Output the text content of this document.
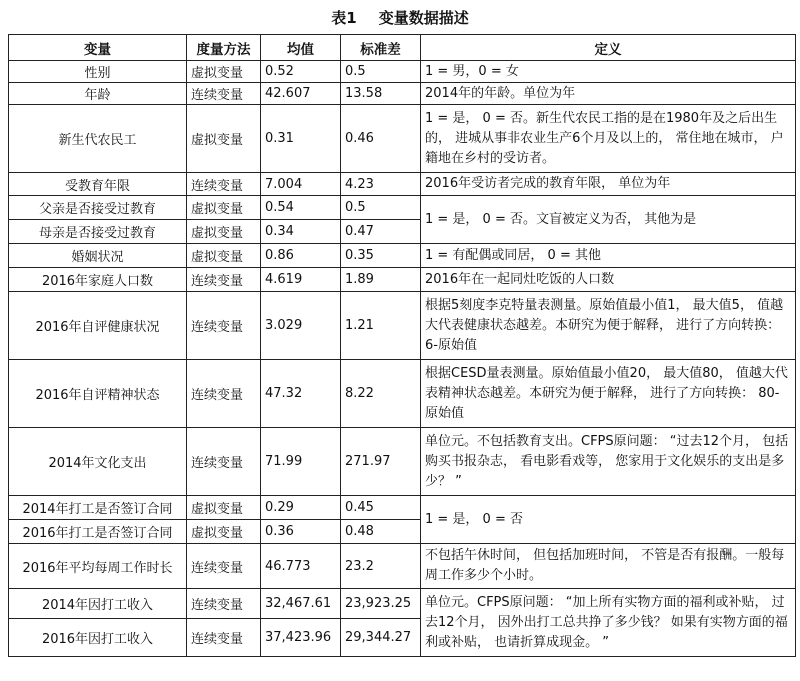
表1 变量数据描述
变量	度量方法	均值	标准差	定义
性别	虚拟变量	0.52	0.5	1 = 男，0 = 女
年龄	连续变量	42.607	13.58	2014年的年龄。单位为年
新生代农民工	虚拟变量	0.31	0.46	1 = 是， 0 = 否。新生代农民工指的是在1980年及之后出生的， 进城从事非农业生产6个月及以上的， 常住地在城市， 户籍地在乡村的受访者。
受教育年限	连续变量	7.004	4.23	2016年受访者完成的教育年限， 单位为年
父亲是否接受过教育	虚拟变量	0.54	0.5	1 = 是， 0 = 否。文盲被定义为否， 其他为是
母亲是否接受过教育	虚拟变量	0.34	0.47	
婚姻状况	虚拟变量	0.86	0.35	1 = 有配偶或同居， 0 = 其他
2016年家庭人口数	连续变量	4.619	1.89	2016年在一起同灶吃饭的人口数
2016年自评健康状况	连续变量	3.029	1.21	根据5刻度李克特量表测量。原始值最小值1， 最大值5， 值越大代表健康状态越差。本研究为便于解释， 进行了方向转换： 6-原始值
2016年自评精神状态	连续变量	47.32	8.22	根据CESD量表测量。原始值最小值20， 最大值80， 值越大代表精神状态越差。本研究为便于解释， 进行了方向转换： 80-原始值
2014年文化支出	连续变量	71.99	271.97	单位元。不包括教育支出。CFPS原问题： “过去12个月， 包括购买书报杂志， 看电影看戏等， 您家用于文化娱乐的支出是多少？ ”
2014年打工是否签订合同	虚拟变量	0.29	0.45	1 = 是， 0 = 否
2016年打工是否签订合同	虚拟变量	0.36	0.48	
2016年平均每周工作时长	连续变量	46.773	23.2	不包括午休时间， 但包括加班时间， 不管是否有报酬。一般每周工作多少个小时。
2014年因打工收入	连续变量	32,467.61	23,923.25	单位元。CFPS原问题： “加上所有实物方面的福利或补贴， 过去12个月， 因外出打工总共挣了多少钱？ 如果有实物方面的福利或补贴， 也请折算成现金。 ”
2016年因打工收入	连续变量	37,423.96	29,344.27	
